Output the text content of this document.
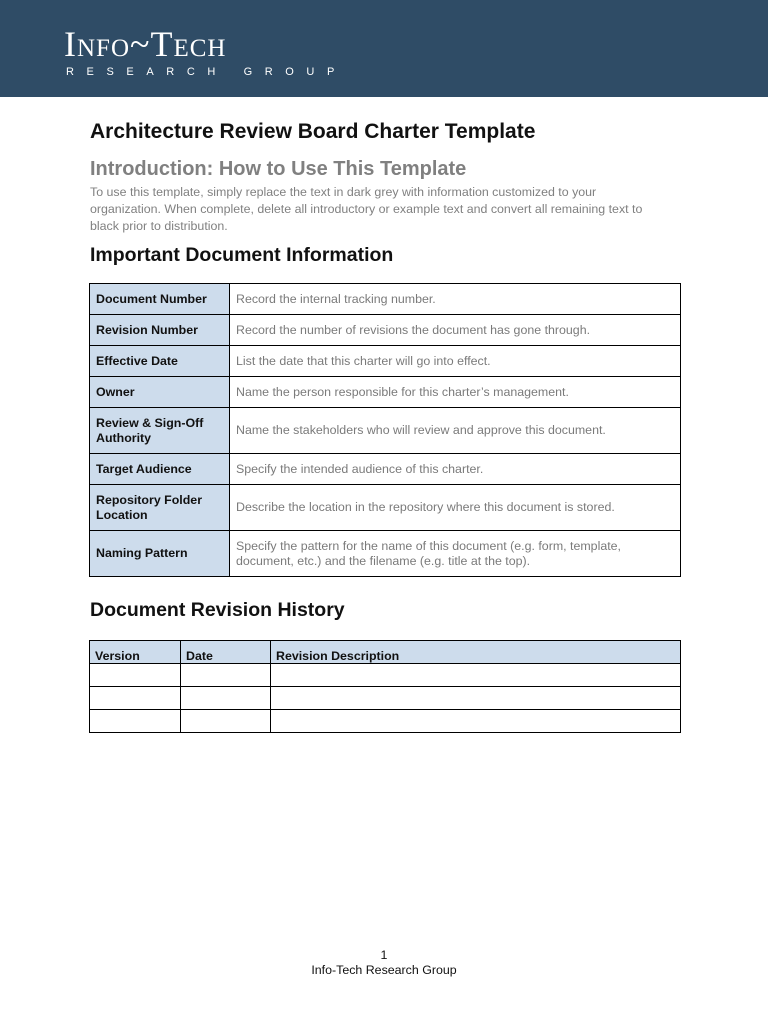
Info~Tech
RESEARCH GROUP
Architecture Review Board Charter Template
Introduction: How to Use This Template

To use this template, simply replace the text in dark grey with information customized to your organization. When complete, delete all introductory or example text and convert all remaining text to black prior to distribution.

Important Document Information
Document Number	Record the internal tracking number.
Revision Number	Record the number of revisions the document has gone through.
Effective Date	List the date that this charter will go into effect.
Owner	Name the person responsible for this charter’s management.
Review & Sign-Off Authority	Name the stakeholders who will review and approve this document.
Target Audience	Specify the intended audience of this charter.
Repository Folder Location	Describe the location in the repository where this document is stored.
Naming Pattern	Specify the pattern for the name of this document (e.g. form, template, document, etc.) and the filename (e.g. title at the top).
Document Revision History
Version	Date	Revision Description

1
Info-Tech Research Group
